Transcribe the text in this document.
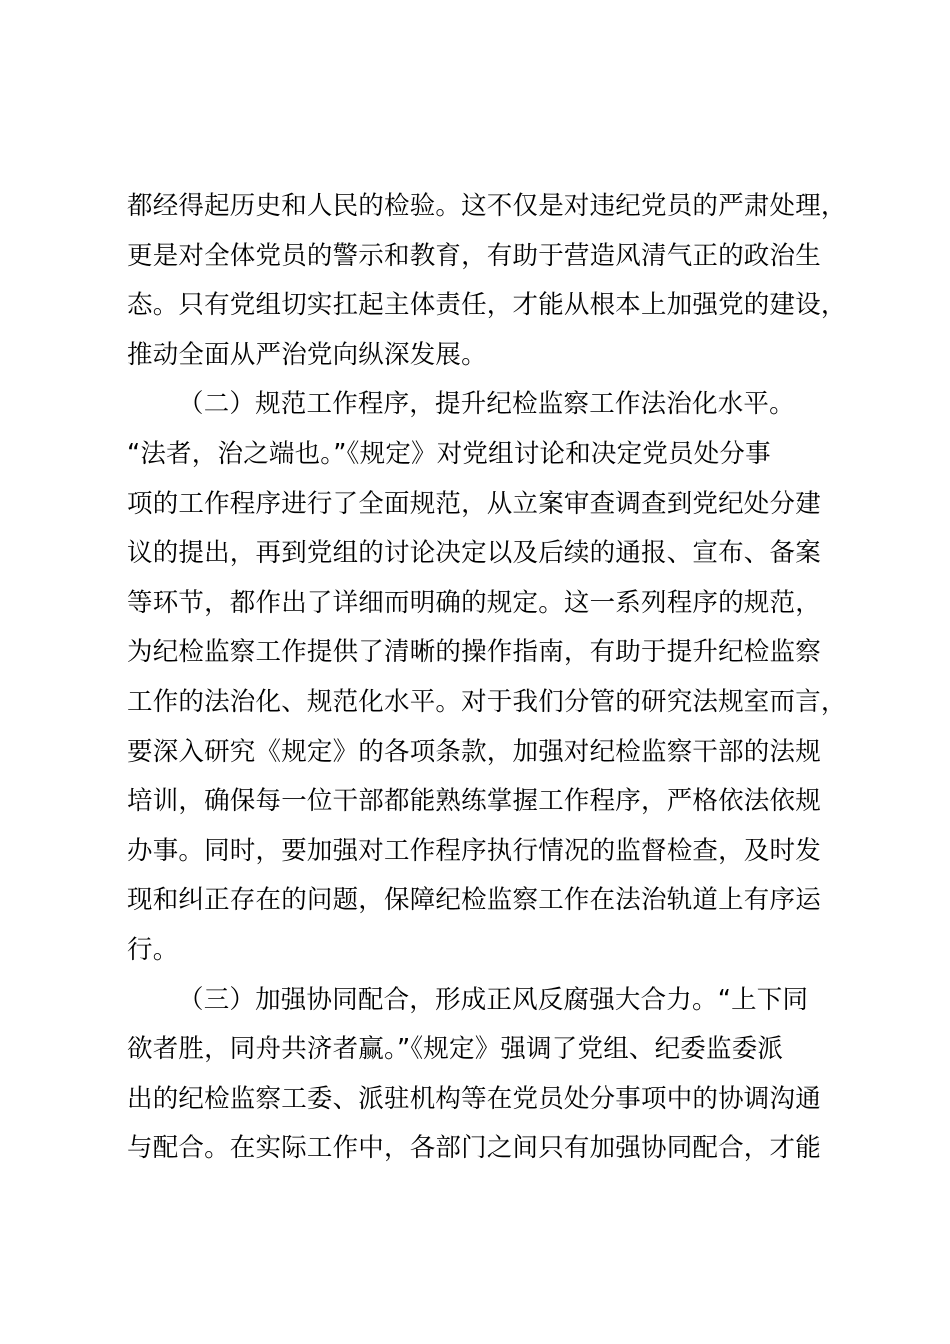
都经得起历史和人民的检验。这不仅是对违纪党员的严肃处理，
更是对全体党员的警示和教育，有助于营造风清气正的政治生
态。只有党组切实扛起主体责任，才能从根本上加强党的建设，
推动全面从严治党向纵深发展。
（二）规范工作程序，提升纪检监察工作法治化水平。
“法者，治之端也。”《规定》对党组讨论和决定党员处分事
项的工作程序进行了全面规范，从立案审查调查到党纪处分建
议的提出，再到党组的讨论决定以及后续的通报、宣布、备案
等环节，都作出了详细而明确的规定。这一系列程序的规范，
为纪检监察工作提供了清晰的操作指南，有助于提升纪检监察
工作的法治化、规范化水平。对于我们分管的研究法规室而言，
要深入研究《规定》的各项条款，加强对纪检监察干部的法规
培训，确保每一位干部都能熟练掌握工作程序，严格依法依规
办事。同时，要加强对工作程序执行情况的监督检查，及时发
现和纠正存在的问题，保障纪检监察工作在法治轨道上有序运
行。
（三）加强协同配合，形成正风反腐强大合力。“上下同
欲者胜，同舟共济者赢。”《规定》强调了党组、纪委监委派
出的纪检监察工委、派驻机构等在党员处分事项中的协调沟通
与配合。在实际工作中，各部门之间只有加强协同配合，才能
